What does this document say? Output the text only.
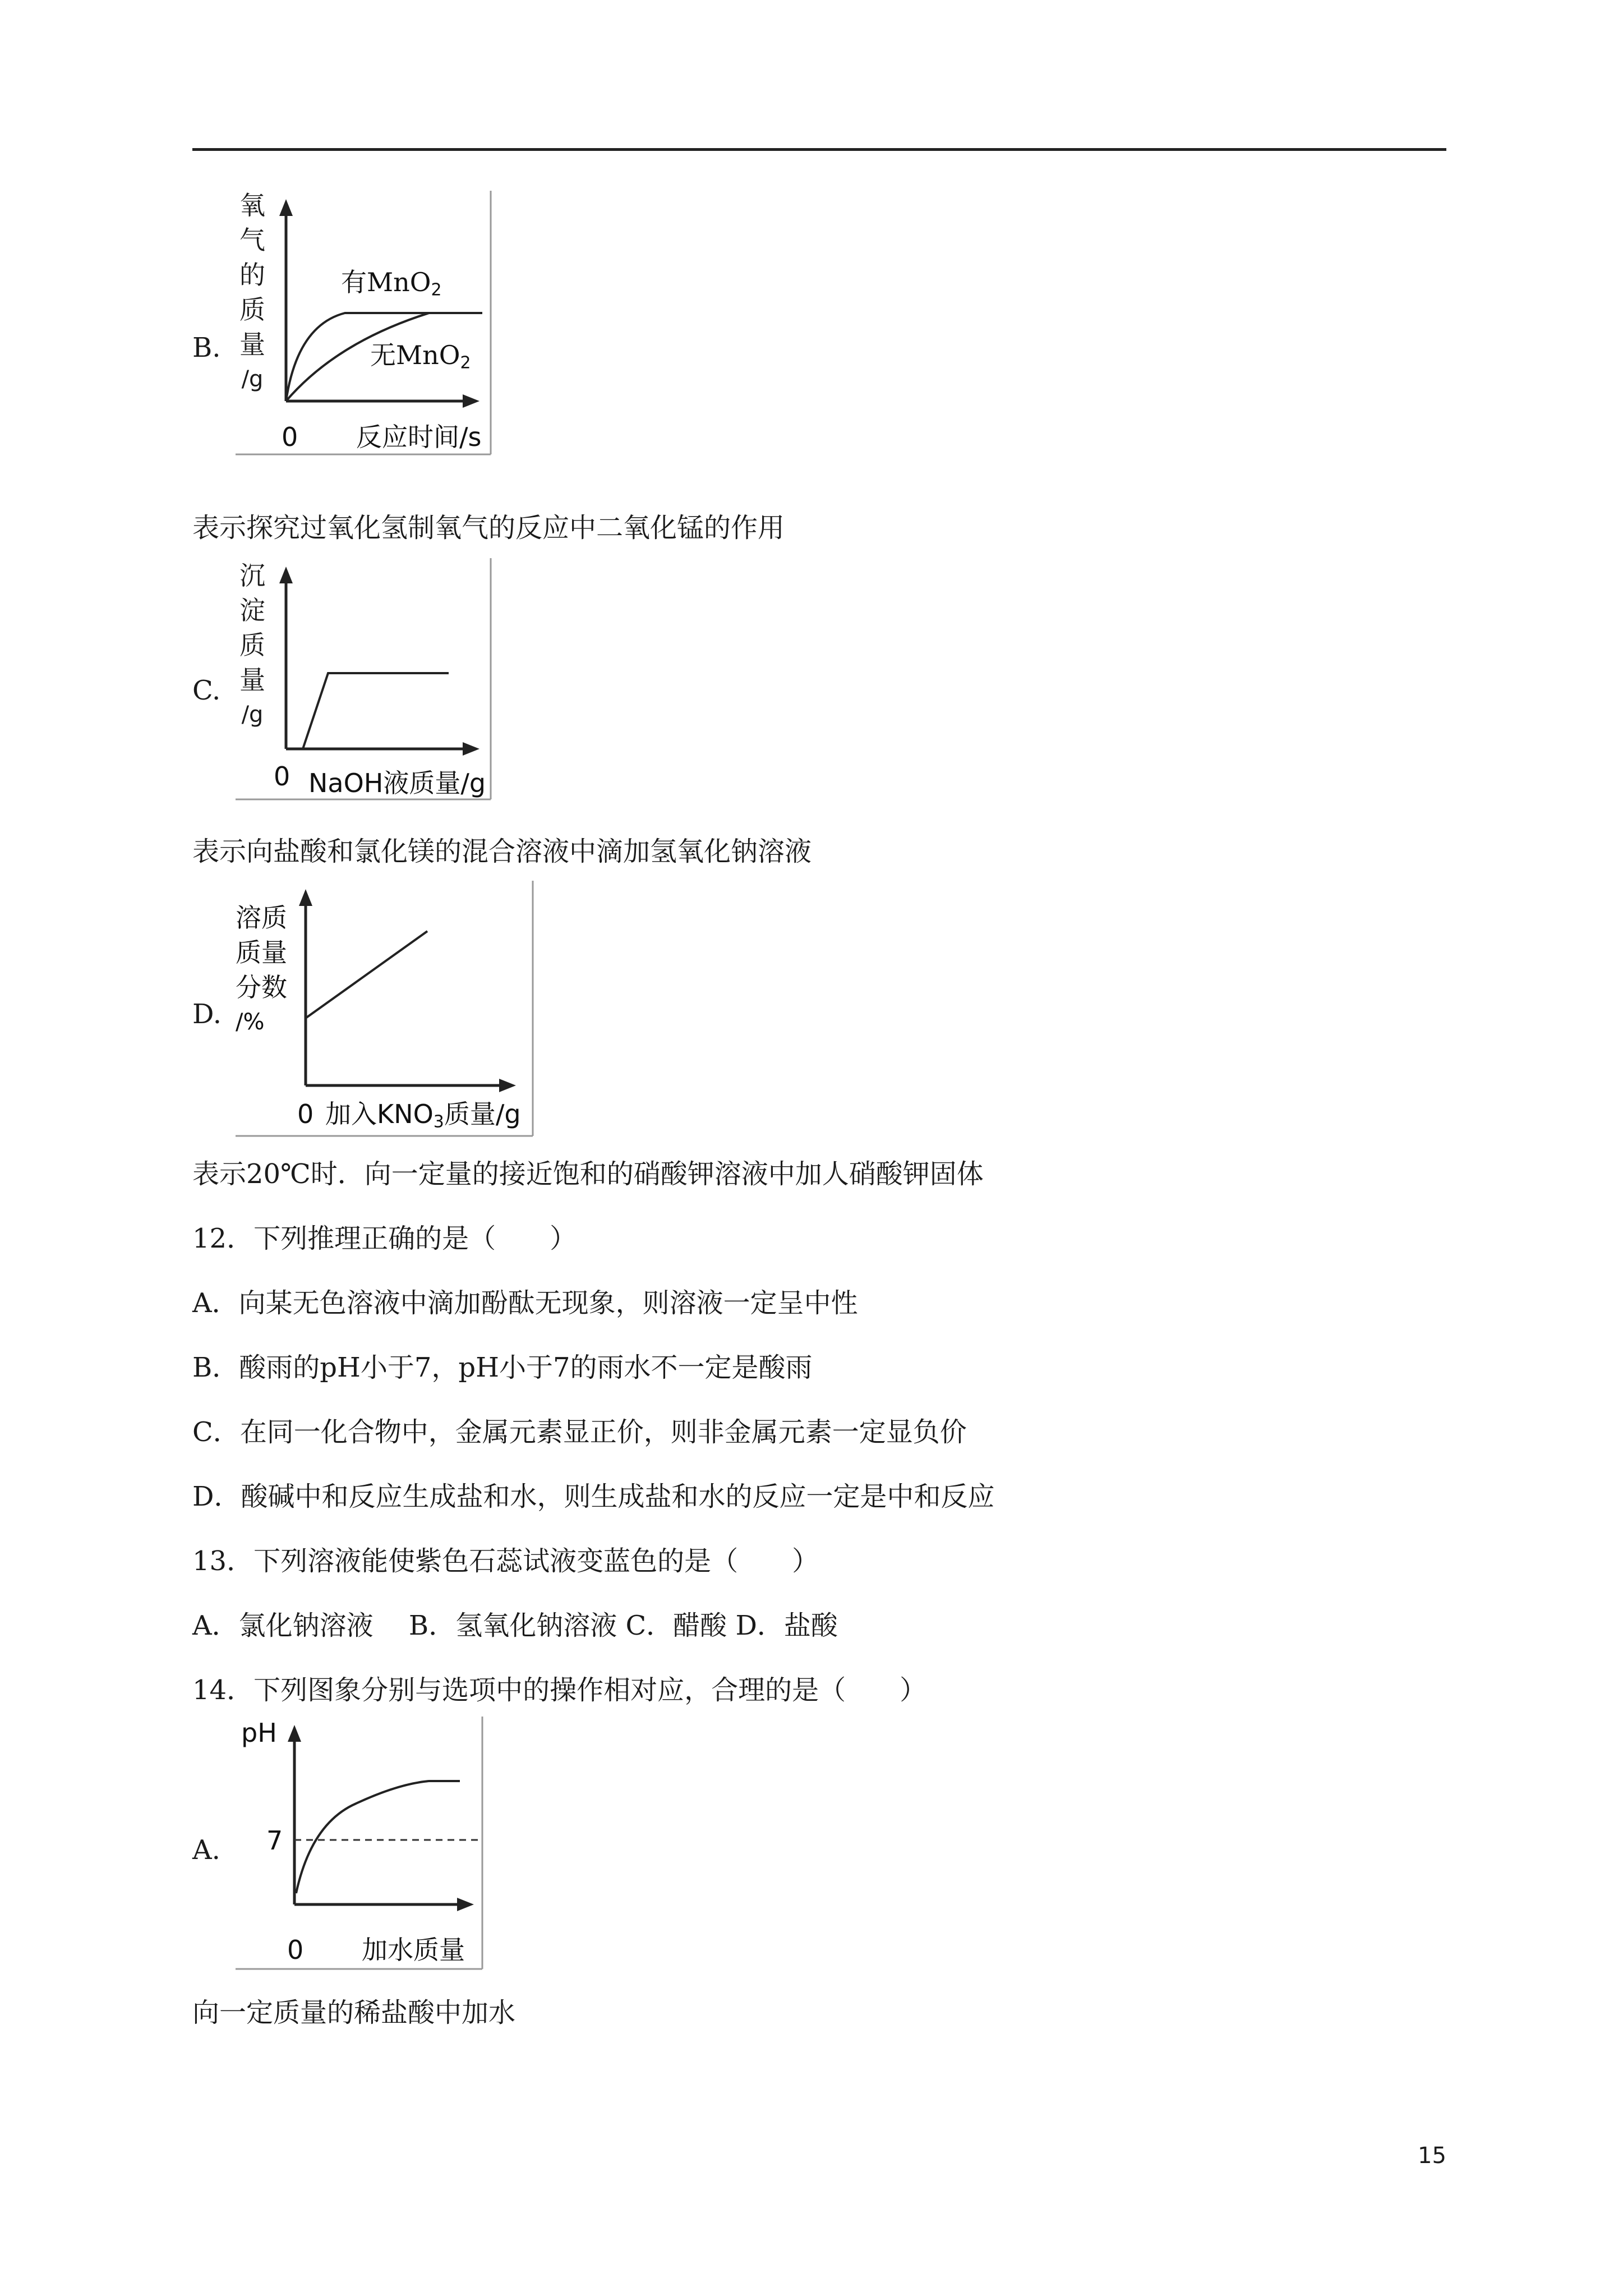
B.
氧
气
的
质
量
/g
0 反应时间/s
有MnO$_2$
无MnO$_2$
表示探究过氧化氢制氧气的反应中二氧化锰的作用
C.
沉
淀
质
量
/g
0 NaOH液质量/g
表示向盐酸和氯化镁的混合溶液中滴加氢氧化钠溶液
D.
溶质
质量
分数
/%
0 加入$KNO_3$质量/g
表示20℃时．向一定量的接近饱和的硝酸钾溶液中加人硝酸钾固体
12．下列推理正确的是（　　）
A．向某无色溶液中滴加酚酞无现象，则溶液一定呈中性
B．酸雨的pH小于7，pH小于7的雨水不一定是酸雨
C．在同一化合物中，金属元素显正价，则非金属元素一定显负价
D．酸碱中和反应生成盐和水，则生成盐和水的反应一定是中和反应
13．下列溶液能使紫色石蕊试液变蓝色的是（　　）
A．氯化钠溶液　 B．氢氧化钠溶液 C．醋酸 D．盐酸
14．下列图象分别与选项中的操作相对应，合理的是（　　）
A.
pH
7
0 加水质量
向一定质量的稀盐酸中加水
15
